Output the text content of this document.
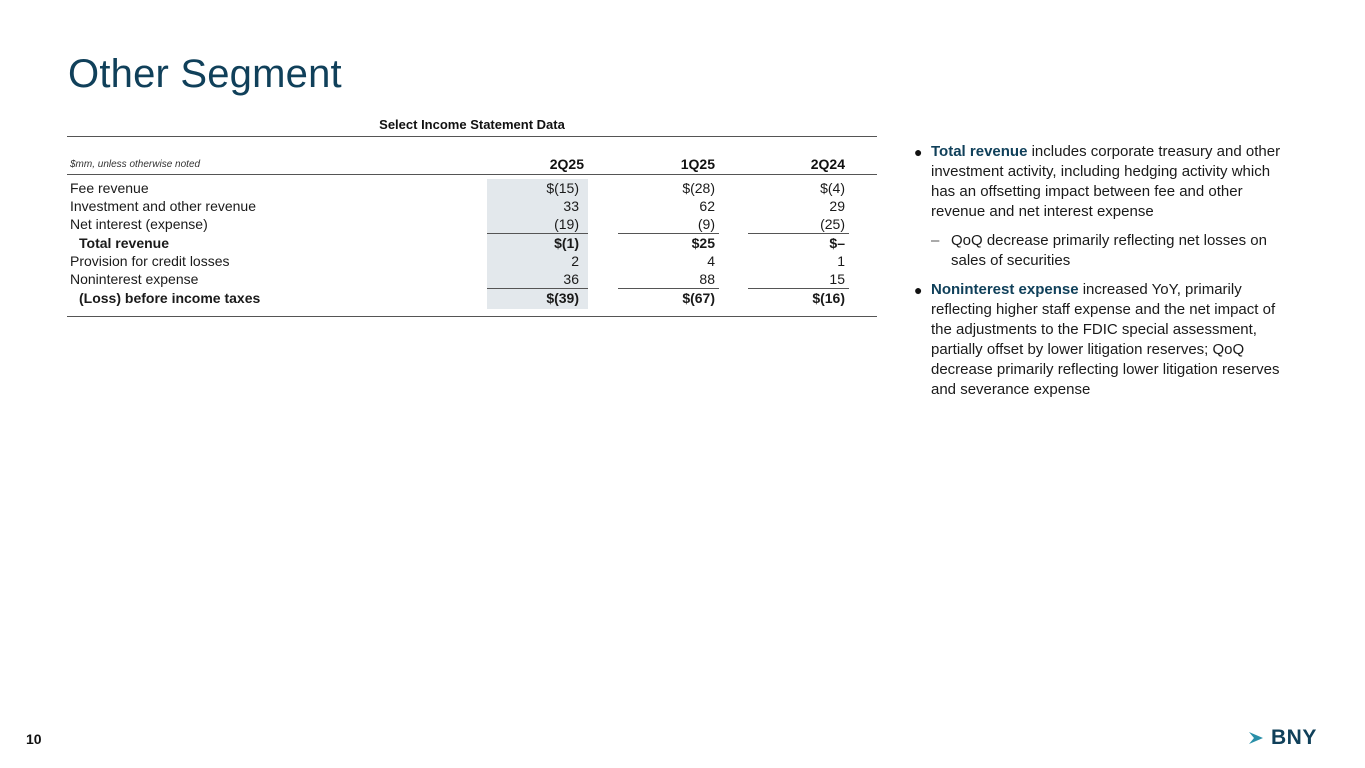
Other Segment
Select Income Statement Data
$mm, unless otherwise noted	2Q25	1Q25	2Q24
Fee revenue	$(15)	$(28)	$(4)
Investment and other revenue	33	62	29
Net interest (expense)	(19)	(9)	(25)
Total revenue	$(1)	$25	$–
Provision for credit losses	2	4	1
Noninterest expense	36	88	15
(Loss) before income taxes	$(39)	$(67)	$(16)
● Total revenue includes corporate treasury and other investment activity, including hedging activity which has an offsetting impact between fee and other revenue and net interest expense
– QoQ decrease primarily reflecting net losses on sales of securities
● Noninterest expense increased YoY, primarily reflecting higher staff expense and the net impact of the adjustments to the FDIC special assessment, partially offset by lower litigation reserves; QoQ decrease primarily reflecting lower litigation reserves and severance expense
10	BNY
